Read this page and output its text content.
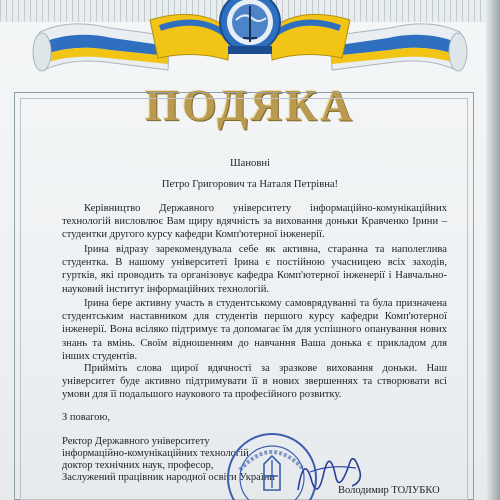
ПОДЯКА
Шановні
Петро Григорович та Наталя Петрівна!
Керівництво Державного університету інформаційно-комунікаційних технологій висловлює Вам щиру вдячність за виховання доньки Кравченко Ірини – студентки другого курсу кафедри Комп'ютерної інженерії.
Ірина відразу зарекомендувала себе як активна, старанна та наполеглива студентка. В нашому університеті Ірина є постійною учасницею всіх заходів, гуртків, які проводить та організовує кафедра Комп'ютерної інженерії і Навчально-науковий інститут інформаційних технологій.
Ірина бере активну участь в студентському самоврядуванні та була призначена студентським наставником для студентів першого курсу кафедри Комп'ютерної інженерії. Вона всіляко підтримує та допомагає їм для успішного опанування нових знань та вмінь. Своїм відношенням до навчання Ваша донька є прикладом для інших студентів.
Прийміть слова щирої вдячності за зразкове виховання доньки. Наш університет буде активно підтримувати її в нових звершеннях та створювати всі умови для її подальшого наукового та професійного розвитку.
З повагою,
Ректор Державного університету
інформаційно-комунікаційних технологій
доктор технічних наук, професор,
Заслужений працівник народної освіти України
Володимир ТОЛУБКО
